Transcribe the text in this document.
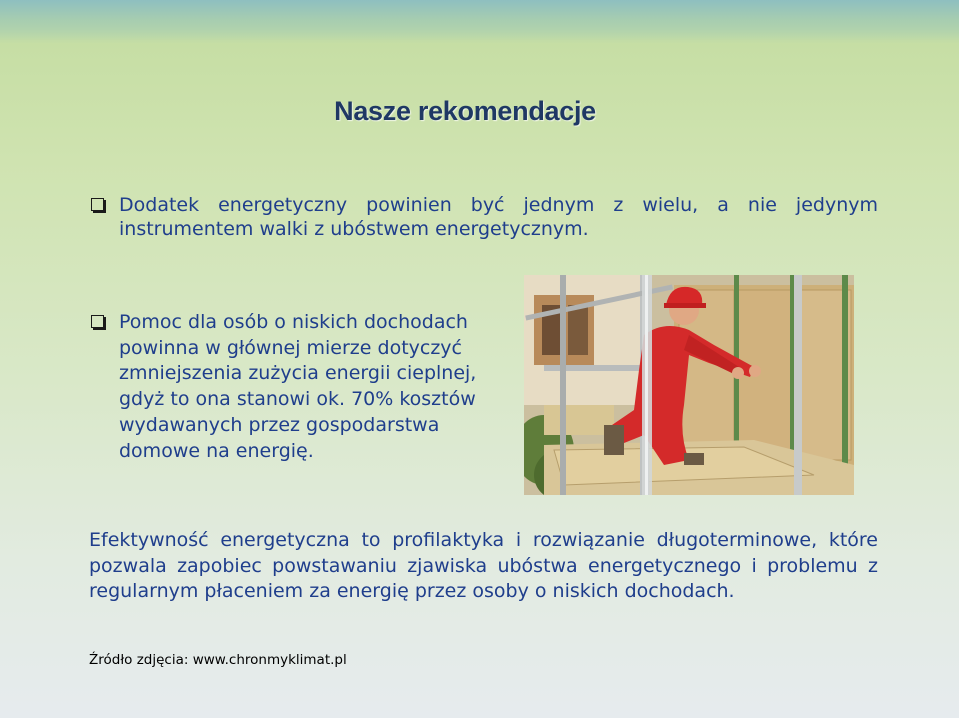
Nasze rekomendacje
Dodatek energetyczny powinien być jednym z wielu, a nie jedynym
instrumentem walki z ubóstwem energetycznym.
Pomoc dla osób o niskich dochodach
powinna w głównej mierze dotyczyć
zmniejszenia zużycia energii cieplnej,
gdyż to ona stanowi ok. 70% kosztów
wydawanych przez gospodarstwa
domowe na energię.
Efektywność energetyczna to profilaktyka i rozwiązanie długoterminowe, które pozwala zapobiec powstawaniu zjawiska ubóstwa energetycznego i problemu z regularnym płaceniem za energię przez osoby o niskich dochodach.
Źródło zdjęcia: www.chronmyklimat.pl
